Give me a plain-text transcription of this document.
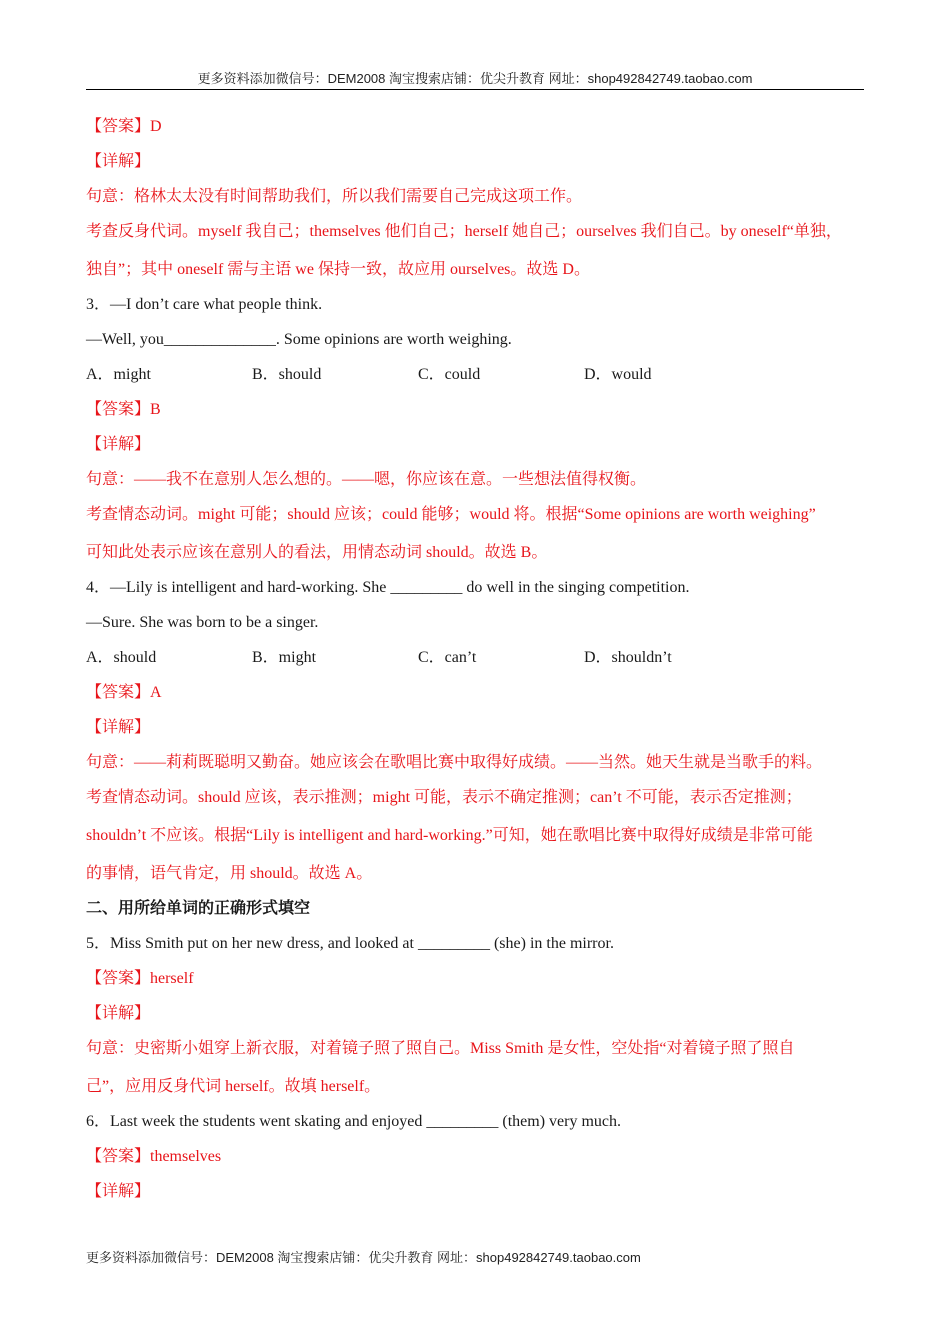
更多资料添加微信号：DEM2008 淘宝搜索店铺：优尖升教育 网址：shop492842749.taobao.com
【答案】D
【详解】
句意：格林太太没有时间帮助我们，所以我们需要自己完成这项工作。
考查反身代词。myself 我自己；themselves 他们自己；herself 她自己；ourselves 我们自己。by oneself“单独，
独自”；其中 oneself 需与主语 we 保持一致，故应用 ourselves。故选 D。
3．—I don’t care what people think.
—Well, you______________. Some opinions are worth weighing.
A．might	B．should	C．could	D．would
【答案】B
【详解】
句意：——我不在意别人怎么想的。——嗯，你应该在意。一些想法值得权衡。
考查情态动词。might 可能；should 应该；could 能够；would 将。根据“Some opinions are worth weighing”
可知此处表示应该在意别人的看法，用情态动词 should。故选 B。
4．—Lily is intelligent and hard-working. She _________ do well in the singing competition.
—Sure. She was born to be a singer.
A．should	B．might	C．can’t	D．shouldn’t
【答案】A
【详解】
句意：——莉莉既聪明又勤奋。她应该会在歌唱比赛中取得好成绩。——当然。她天生就是当歌手的料。
考查情态动词。should 应该，表示推测；might 可能，表示不确定推测；can’t 不可能，表示否定推测；
shouldn’t 不应该。根据“Lily is intelligent and hard-working.”可知，她在歌唱比赛中取得好成绩是非常可能
的事情，语气肯定，用 should。故选 A。
二、用所给单词的正确形式填空
5．Miss Smith put on her new dress, and looked at _________ (she) in the mirror.
【答案】herself
【详解】
句意：史密斯小姐穿上新衣服，对着镜子照了照自己。Miss Smith 是女性，空处指“对着镜子照了照自
己”，应用反身代词 herself。故填 herself。
6．Last week the students went skating and enjoyed _________ (them) very much.
【答案】themselves
【详解】
更多资料添加微信号：DEM2008 淘宝搜索店铺：优尖升教育 网址：shop492842749.taobao.com
